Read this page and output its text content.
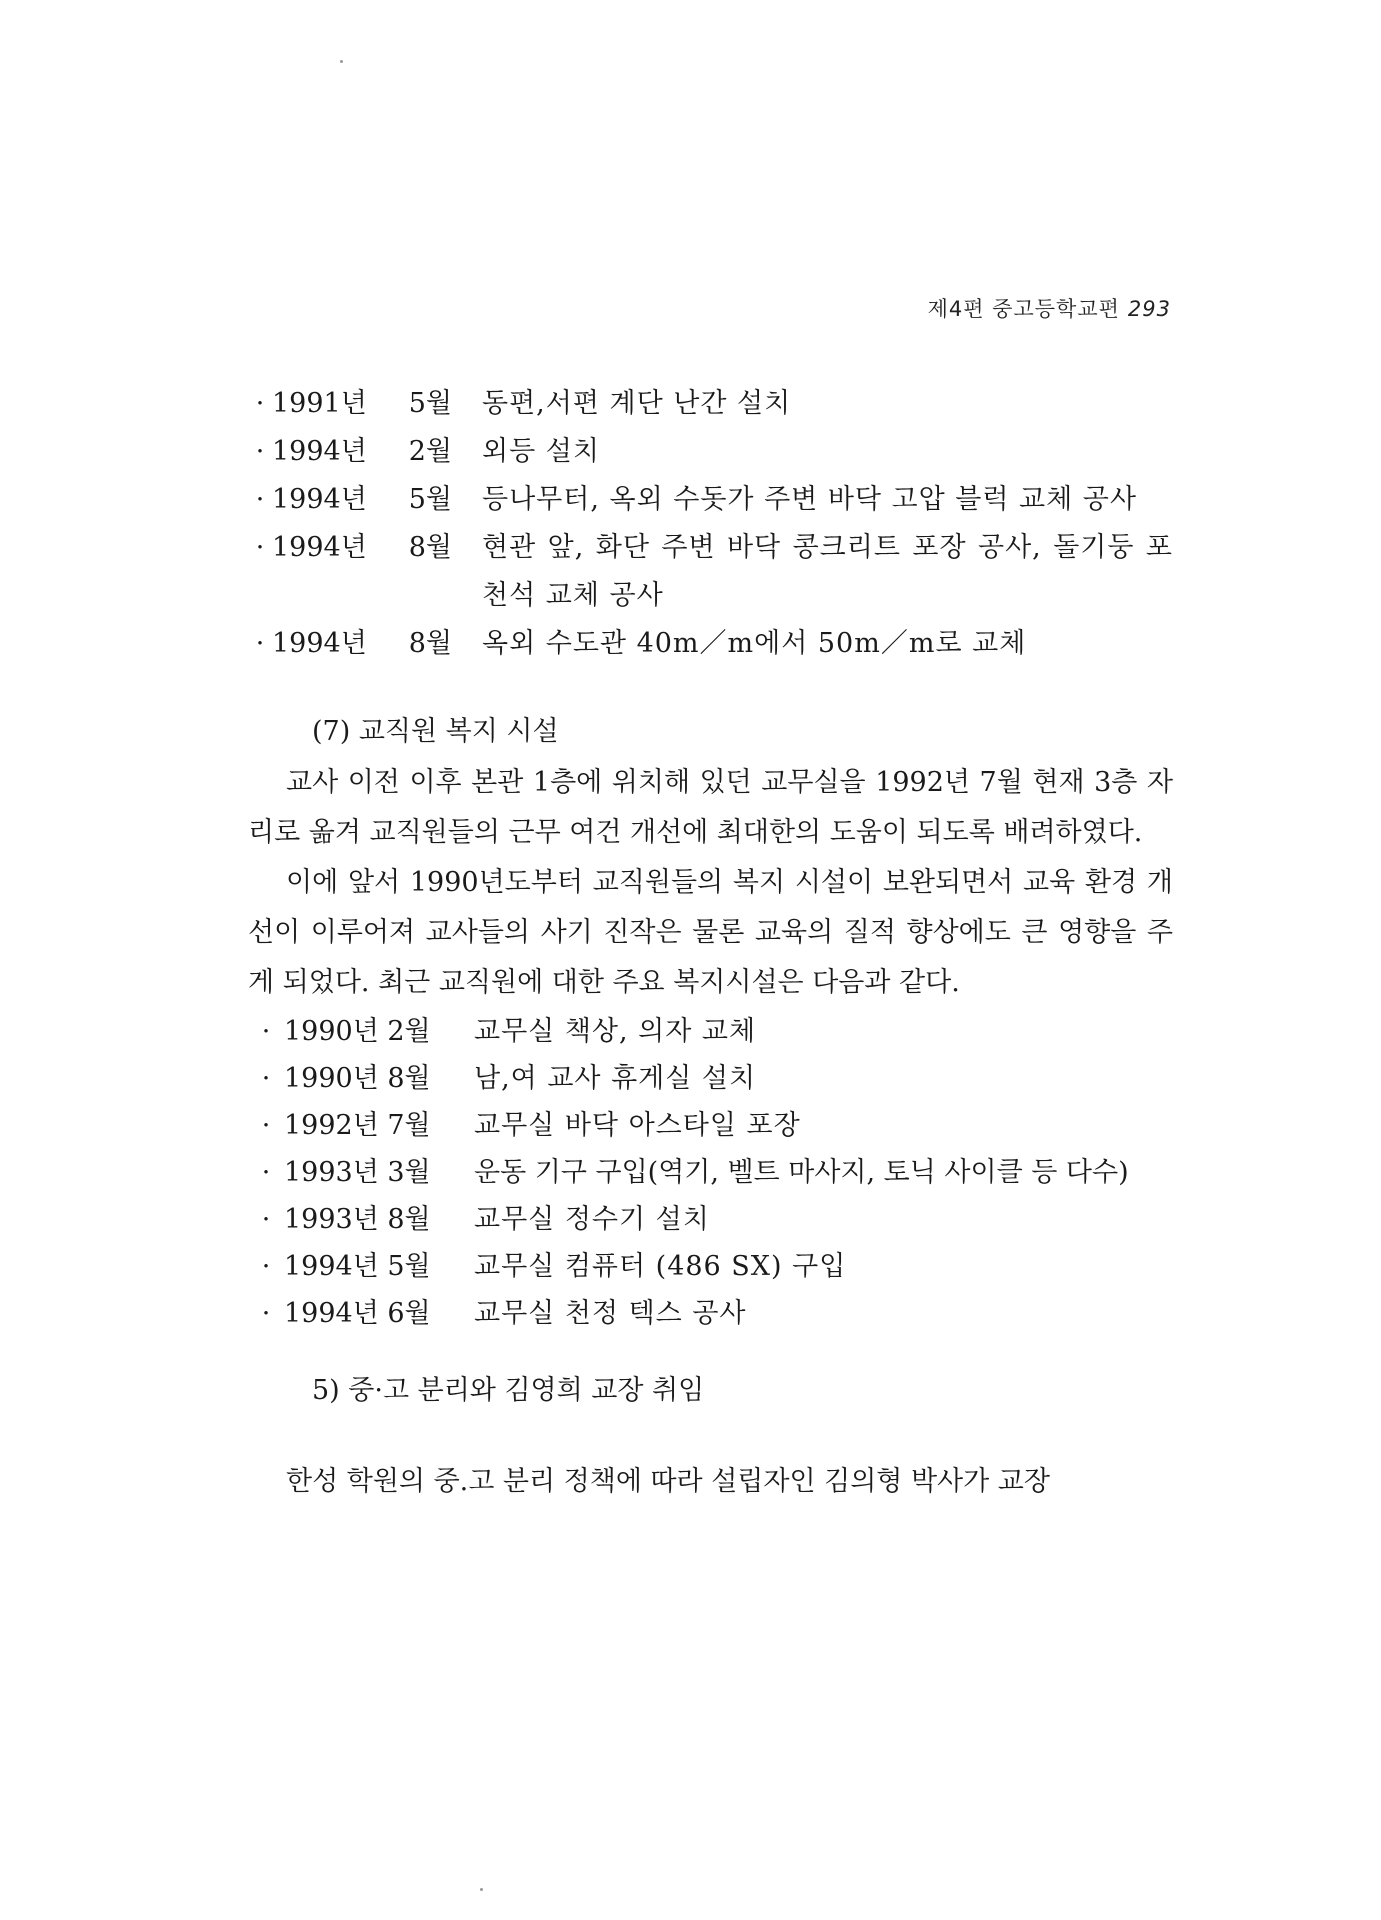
제4편 중고등학교편 293
· 1991년	5월	동편,서편 계단 난간 설치
· 1994년	2월	외등 설치
· 1994년	5월	등나무터, 옥외 수돗가 주변 바닥 고압 블럭 교체 공사
· 1994년	8월	현관 앞, 화단 주변 바닥 콩크리트 포장 공사, 돌기둥 포천석 교체 공사
· 1994년	8월	옥외 수도관 40m／m에서 50m／m로 교체
(7) 교직원 복지 시설

교사 이전 이후 본관 1층에 위치해 있던 교무실을 1992년 7월 현재 3층 자리로 옮겨 교직원들의 근무 여건 개선에 최대한의 도움이 되도록 배려하였다.

이에 앞서 1990년도부터 교직원들의 복지 시설이 보완되면서 교육 환경 개선이 이루어져 교사들의 사기 진작은 물론 교육의 질적 향상에도 큰 영향을 주게 되었다. 최근 교직원에 대한 주요 복지시설은 다음과 같다.

· 1990년 2월	교무실 책상, 의자 교체
· 1990년 8월	남,여 교사 휴게실 설치
· 1992년 7월	교무실 바닥 아스타일 포장
· 1993년 3월	운동 기구 구입(역기, 벨트 마사지, 토닉 사이클 등 다수)
· 1993년 8월	교무실 정수기 설치
· 1994년 5월	교무실 컴퓨터 (486 SX) 구입
· 1994년 6월	교무실 천정 텍스 공사
5) 중·고 분리와 김영희 교장 취임

한성 학원의 중.고 분리 정책에 따라 설립자인 김의형 박사가 교장
